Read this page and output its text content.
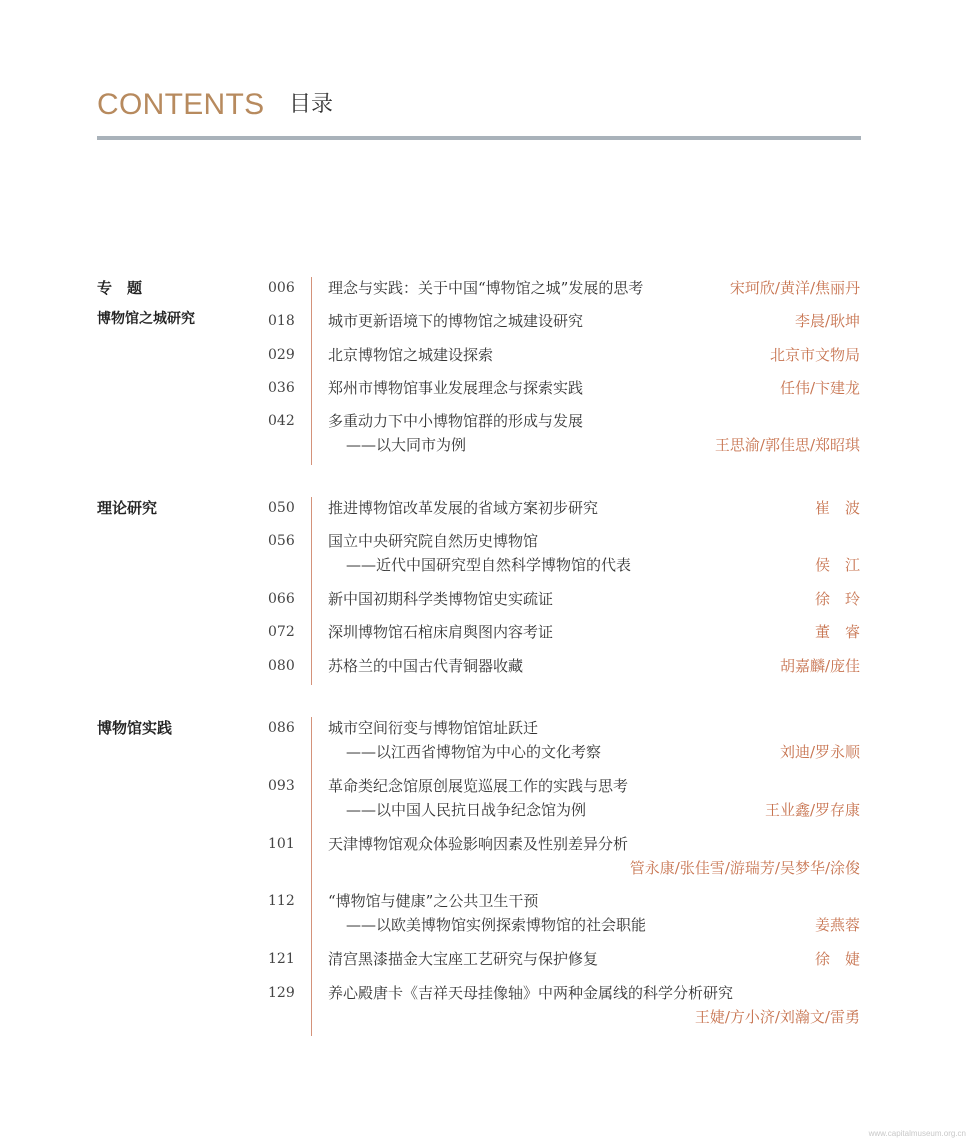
CONTENTS 目录
专　题
博物馆之城研究
006 理念与实践：关于中国“博物馆之城”发展的思考	宋珂欣/黄洋/焦丽丹
018 城市更新语境下的博物馆之城建设研究	李晨/耿坤
029 北京博物馆之城建设探索	北京市文物局
036 郑州市博物馆事业发展理念与探索实践	任伟/卞建龙
042 多重动力下中小博物馆群的形成与发展
——以大同市为例	王思渝/郭佳思/郑昭琪
理论研究	050 推进博物馆改革发展的省域方案初步研究	崔　波
056 国立中央研究院自然历史博物馆
——近代中国研究型自然科学博物馆的代表	侯　江
066 新中国初期科学类博物馆史实疏证	徐　玲
072 深圳博物馆石棺床肩舆图内容考证	董　睿
080 苏格兰的中国古代青铜器收藏	胡嘉麟/庞佳
博物馆实践	086 城市空间衍变与博物馆馆址跃迁
——以江西省博物馆为中心的文化考察	刘迪/罗永顺
093 革命类纪念馆原创展览巡展工作的实践与思考
——以中国人民抗日战争纪念馆为例	王业鑫/罗存康
101 天津博物馆观众体验影响因素及性别差异分析
管永康/张佳雪/游瑞芳/吴梦华/涂俊
112 “博物馆与健康”之公共卫生干预
——以欧美博物馆实例探索博物馆的社会职能	姜燕蓉
121 清宫黑漆描金大宝座工艺研究与保护修复	徐　婕
129 养心殿唐卡《吉祥天母挂像轴》中两种金属线的科学分析研究
王婕/方小济/刘瀚文/雷勇
www.capitalmuseum.org.cn
